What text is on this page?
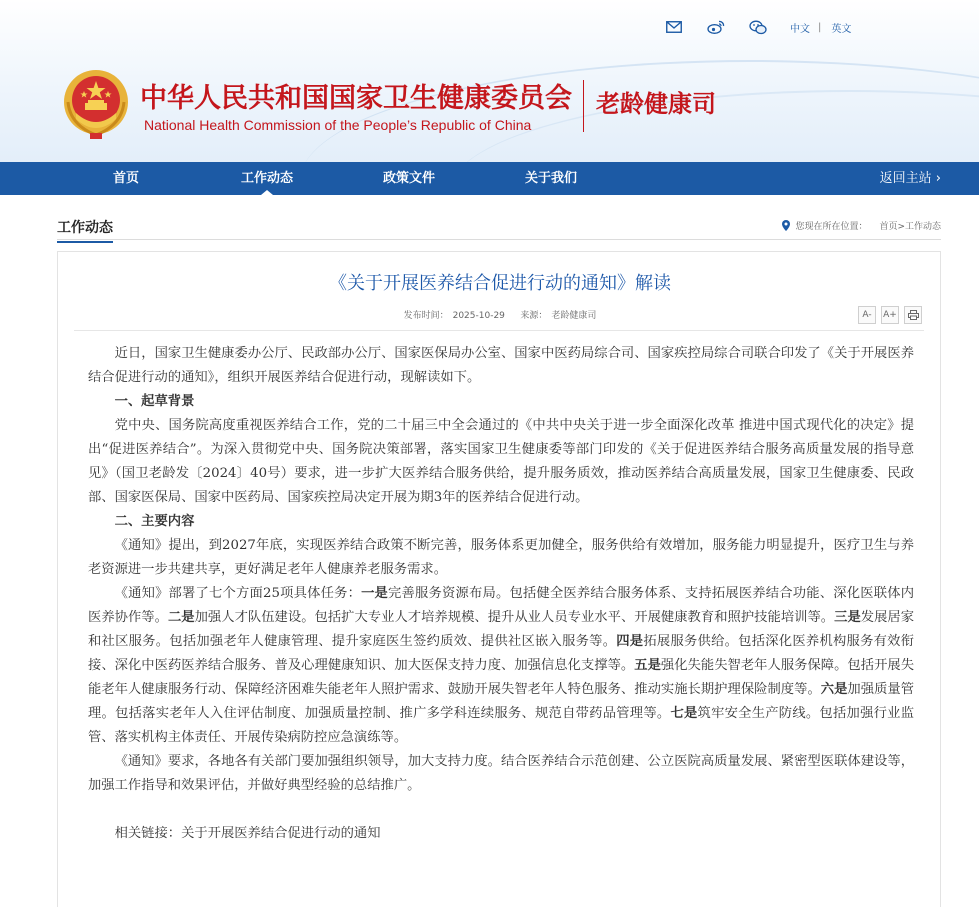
中文 | 英文
中华人民共和国国家卫生健康委员会
National Health Commission of the People’s Republic of China
老龄健康司
首页	工作动态	政策文件	关于我们	返回主站 ›
工作动态	您现在所在位置： 首页>工作动态
《关于开展医养结合促进行动的通知》解读
发布时间： 2025-10-29 来源： 老龄健康司	A- A+

近日，国家卫生健康委办公厅、民政部办公厅、国家医保局办公室、国家中医药局综合司、国家疾控局综合司联合印发了《关于开展医养结合促进行动的通知》，组织开展医养结合促进行动，现解读如下。

一、起草背景

党中央、国务院高度重视医养结合工作，党的二十届三中全会通过的《中共中央关于进一步全面深化改革 推进中国式现代化的决定》提出“促进医养结合”。为深入贯彻党中央、国务院决策部署，落实国家卫生健康委等部门印发的《关于促进医养结合服务高质量发展的指导意见》（国卫老龄发〔2024〕40号）要求，进一步扩大医养结合服务供给，提升服务质效，推动医养结合高质量发展，国家卫生健康委、民政部、国家医保局、国家中医药局、国家疾控局决定开展为期3年的医养结合促进行动。

二、主要内容

《通知》提出，到2027年底，实现医养结合政策不断完善，服务体系更加健全，服务供给有效增加，服务能力明显提升，医疗卫生与养老资源进一步共建共享，更好满足老年人健康养老服务需求。

《通知》部署了七个方面25项具体任务：一是完善服务资源布局。包括健全医养结合服务体系、支持拓展医养结合功能、深化医联体内医养协作等。二是加强人才队伍建设。包括扩大专业人才培养规模、提升从业人员专业水平、开展健康教育和照护技能培训等。三是发展居家和社区服务。包括加强老年人健康管理、提升家庭医生签约质效、提供社区嵌入服务等。四是拓展服务供给。包括深化医养机构服务有效衔接、深化中医药医养结合服务、普及心理健康知识、加大医保支持力度、加强信息化支撑等。五是强化失能失智老年人服务保障。包括开展失能老年人健康服务行动、保障经济困难失能老年人照护需求、鼓励开展失智老年人特色服务、推动实施长期护理保险制度等。六是加强质量管理。包括落实老年人入住评估制度、加强质量控制、推广多学科连续服务、规范自带药品管理等。七是筑牢安全生产防线。包括加强行业监管、落实机构主体责任、开展传染病防控应急演练等。

《通知》要求，各地各有关部门要加强组织领导，加大支持力度。结合医养结合示范创建、公立医院高质量发展、紧密型医联体建设等，加强工作指导和效果评估，并做好典型经验的总结推广。

相关链接：关于开展医养结合促进行动的通知
